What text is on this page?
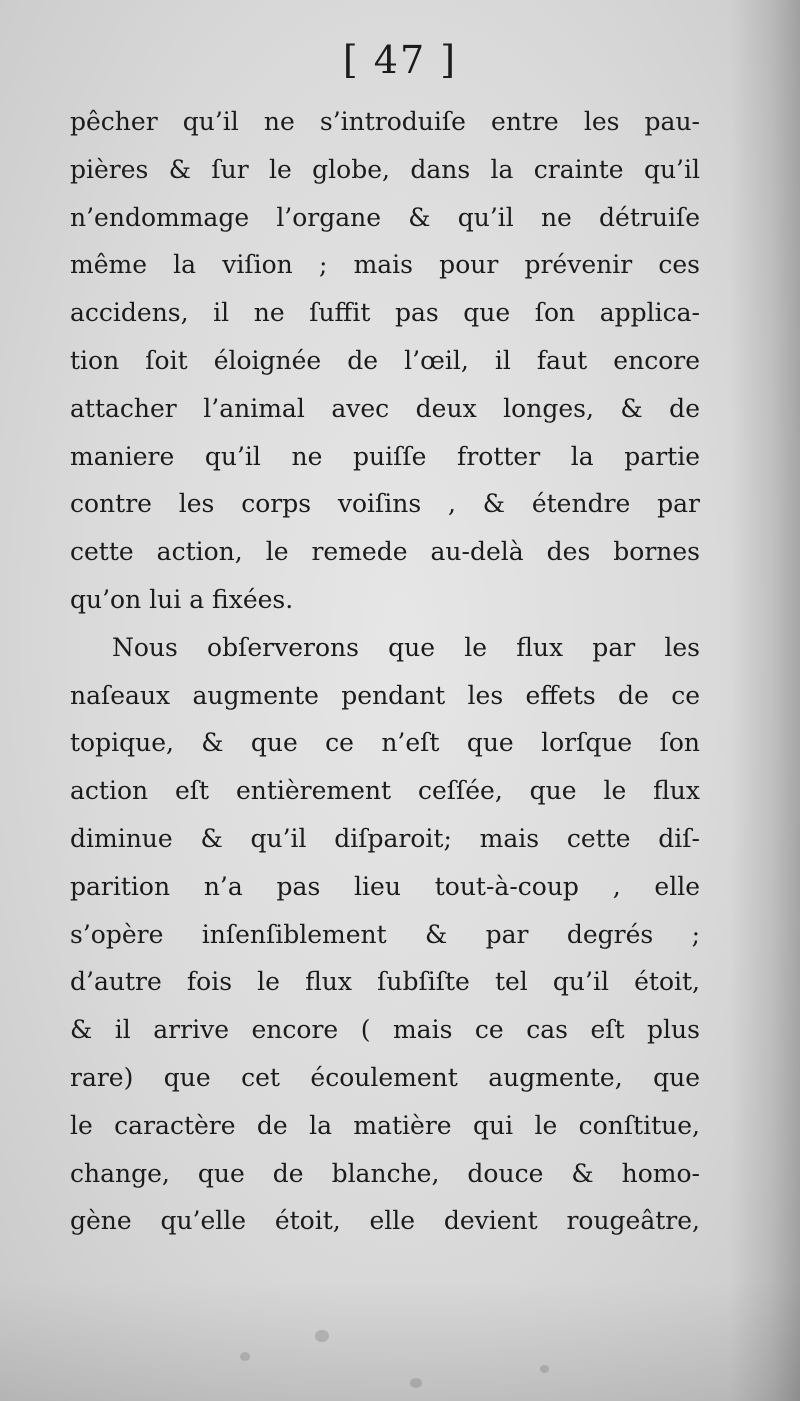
[ 47 ]
pêcher qu’il ne s’introduiſe entre les pau-
pières & ſur le globe, dans la crainte qu’il
n’endommage l’organe & qu’il ne détruiſe
même la viſion ; mais pour prévenir ces
accidens, il ne ſuffit pas que ſon applica-
tion ſoit éloignée de l’œil, il faut encore
attacher l’animal avec deux longes, & de
maniere qu’il ne puiſſe frotter la partie
contre les corps voiſins , & étendre par
cette action, le remede au-delà des bornes
qu’on lui a fixées.
Nous obſerverons que le flux par les
naſeaux augmente pendant les effets de ce
topique, & que ce n’eſt que lorſque ſon
action eſt entièrement ceſſée, que le flux
diminue & qu’il diſparoit; mais cette diſ-
parition n’a pas lieu tout-à-coup , elle
s’opère inſenſiblement & par degrés ;
d’autre fois le flux ſubſiſte tel qu’il étoit,
& il arrive encore ( mais ce cas eſt plus
rare) que cet écoulement augmente, que
le caractère de la matière qui le conſtitue,
change, que de blanche, douce & homo-
gène qu’elle étoit, elle devient rougeâtre,
